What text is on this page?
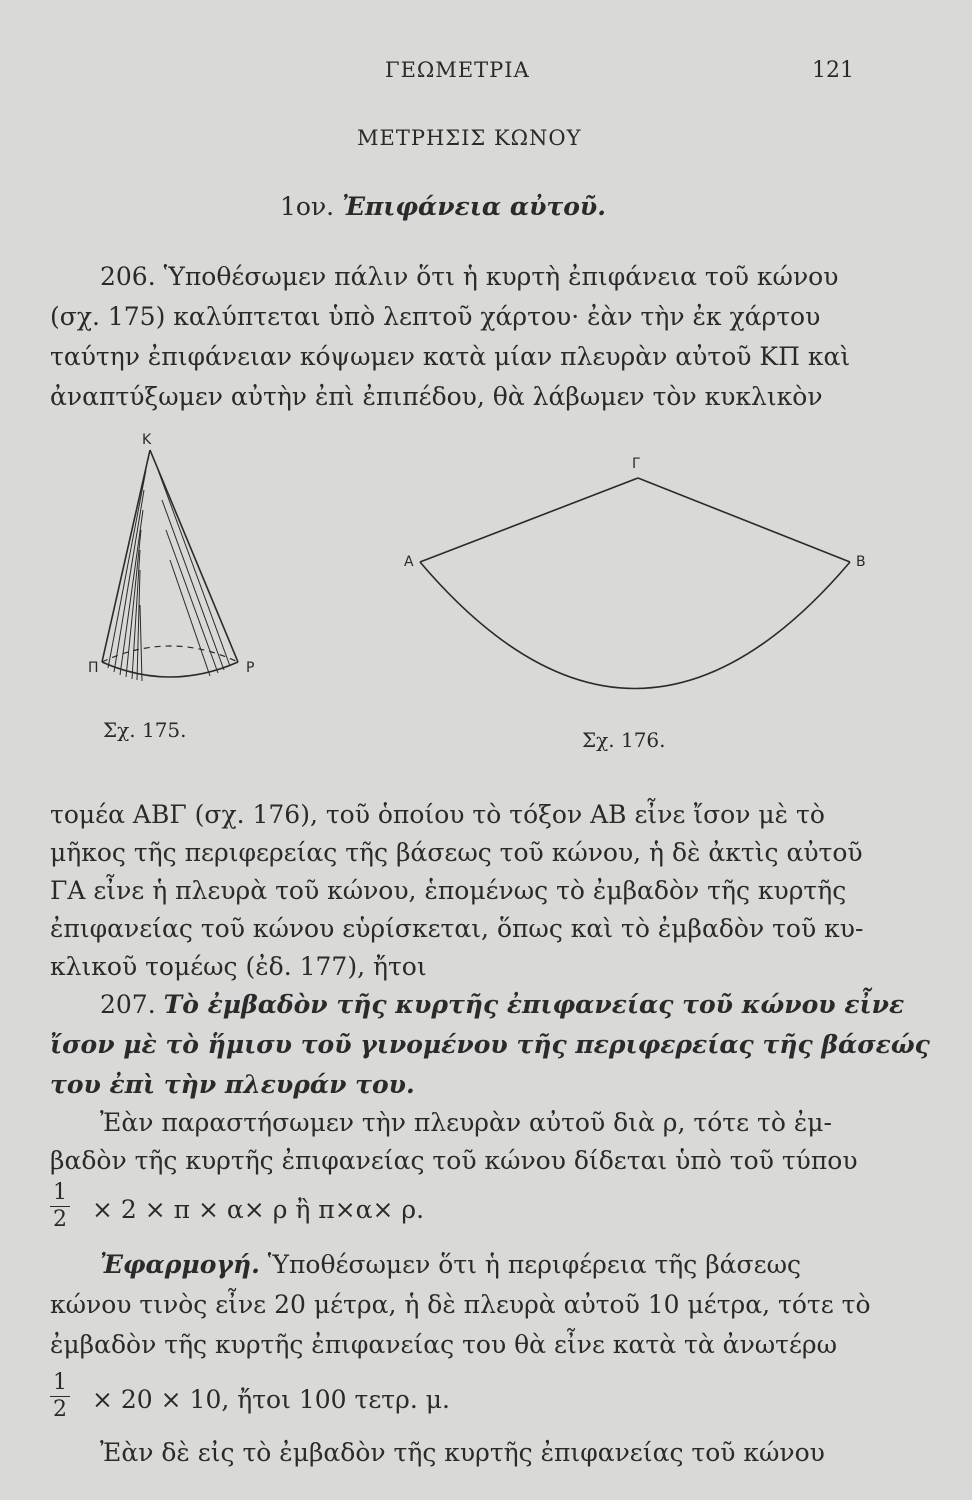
ΓΕΩΜΕΤΡΙΑ	121
ΜΕΤΡΗΣΙΣ ΚΩΝΟΥ
1ον. Ἐπιφάνεια αὐτοῦ.
206. Ὑποθέσωμεν πάλιν ὅτι ἡ κυρτὴ ἐπιφάνεια τοῦ κώνου
(σχ. 175) καλύπτεται ὑπὸ λεπτοῦ χάρτου· ἐὰν τὴν ἐκ χάρτου
ταύτην ἐπιφάνειαν κόψωμεν κατὰ μίαν πλευρὰν αὐτοῦ ΚΠ καὶ
ἀναπτύξωμεν αὐτὴν ἐπὶ ἐπιπέδου, θὰ λάβωμεν τὸν κυκλικὸν
Κ
Π	Ρ
Γ
Α	Β
Σχ. 175.	Σχ. 176.
τομέα ΑΒΓ (σχ. 176), τοῦ ὁποίου τὸ τόξον ΑΒ εἶνε ἴσον μὲ τὸ
μῆκος τῆς περιφερείας τῆς βάσεως τοῦ κώνου, ἡ δὲ ἀκτὶς αὐτοῦ
ΓΑ εἶνε ἡ πλευρὰ τοῦ κώνου, ἑπομένως τὸ ἐμβαδὸν τῆς κυρτῆς
ἐπιφανείας τοῦ κώνου εὑρίσκεται, ὅπως καὶ τὸ ἐμβαδὸν τοῦ κυ-
κλικοῦ τομέως (ἐδ. 177), ἤτοι
207. Τὸ ἐμβαδὸν τῆς κυρτῆς ἐπιφανείας τοῦ κώνου εἶνε
ἴσον μὲ τὸ ἥμισυ τοῦ γινομένου τῆς περιφερείας τῆς βάσεώς
του ἐπὶ τὴν πλευράν του.
Ἐὰν παραστήσωμεν τὴν πλευρὰν αὐτοῦ διὰ ρ, τότε τὸ ἐμ-
βαδὸν τῆς κυρτῆς ἐπιφανείας τοῦ κώνου δίδεται ὑπὸ τοῦ τύπου
$\frac{1}{2} \times 2 \times \pi \times \alpha\times \rho$ ἢ π×α× ρ.
Ἐφαρμογή. Ὑποθέσωμεν ὅτι ἡ περιφέρεια τῆς βάσεως
κώνου τινὸς εἶνε 20 μέτρα, ἡ δὲ πλευρὰ αὐτοῦ 10 μέτρα, τότε τὸ
ἐμβαδὸν τῆς κυρτῆς ἐπιφανείας του θὰ εἶνε κατὰ τὰ ἀνωτέρω
$\frac{1}{2} \times 20 \times 10$, ἤτοι 100 τετρ. μ.
Ἐὰν δὲ εἰς τὸ ἐμβαδὸν τῆς κυρτῆς ἐπιφανείας τοῦ κώνου
